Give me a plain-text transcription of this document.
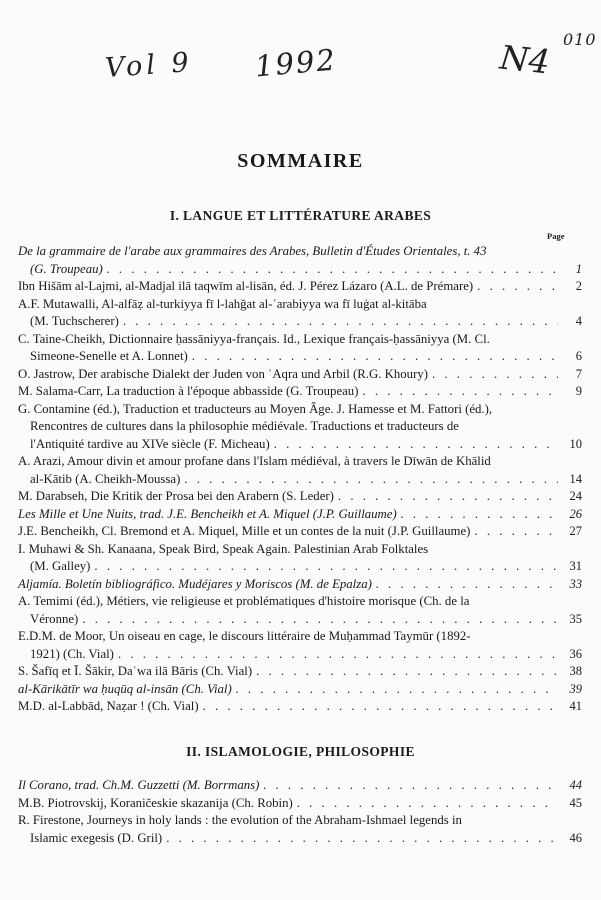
Vol 9 1992	N4 010
SOMMAIRE
I. LANGUE ET LITTÉRATURE ARABES
Page
De la grammaire de l'arabe aux grammaires des Arabes, Bulletin d'Études Orientales, t. 43
(G. Troupeau) . . .	1
Ibn Hišām al-Lajmi, al-Madjal ilā taqwīm al-lisān, éd. J. Pérez Lázaro (A.L. de Prémare) . . .	2
A.F. Mutawalli, Al-alfāẓ al-turkiyya fī l-lahğat al-ʿarabiyya wa fī luġat al-kitāba
(M. Tuchscherer) . . .	4
C. Taine-Cheikh, Dictionnaire ḥassāniyya-français. Id., Lexique français-ḥassāniyya (M. Cl.
Simeone-Senelle et A. Lonnet) . . .	6
O. Jastrow, Der arabische Dialekt der Juden von ʿAqra und Arbil (R.G. Khoury) . . .	7
M. Salama-Carr, La traduction à l'époque abbasside (G. Troupeau) . . .	9
G. Contamine (éd.), Traduction et traducteurs au Moyen Âge. J. Hamesse et M. Fattori (éd.),
Rencontres de cultures dans la philosophie médiévale. Traductions et traducteurs de
l'Antiquité tardive au XIVe siècle (F. Micheau) . . .	10
A. Arazi, Amour divin et amour profane dans l'Islam médiéval, à travers le Dīwān de Khālid
al-Kātib (A. Cheikh-Moussa) . . .	14
M. Darabseh, Die Kritik der Prosa bei den Arabern (S. Leder) . . .	24
Les Mille et Une Nuits, trad. J.E. Bencheikh et A. Miquel (J.P. Guillaume) . . .	26
J.E. Bencheikh, Cl. Bremond et A. Miquel, Mille et un contes de la nuit (J.P. Guillaume) . . .	27
I. Muhawi & Sh. Kanaana, Speak Bird, Speak Again. Palestinian Arab Folktales
(M. Galley) . . .	31
Aljamía. Boletín bibliográfico. Mudéjares y Moriscos (M. de Epalza) . . .	33
A. Temimi (éd.), Métiers, vie religieuse et problématiques d'histoire morisque (Ch. de la
Véronne) . . .	35
E.D.M. de Moor, Un oiseau en cage, le discours littéraire de Muḥammad Taymūr (1892-
1921) (Ch. Vial) . . .	36
S. Šafīq et Ī. Šākir, Daʿwa ilā Bāris (Ch. Vial) . . .	38
al-Kārikātīr wa ḥuqūq al-insān (Ch. Vial) . . .	39
M.D. al-Labbād, Naẓar ! (Ch. Vial) . . .	41
II. ISLAMOLOGIE, PHILOSOPHIE
Il Corano, trad. Ch.M. Guzzetti (M. Borrmans) . . .	44
M.B. Piotrovskij, Koraničeskie skazanija (Ch. Robin) . . .	45
R. Firestone, Journeys in holy lands : the evolution of the Abraham-Ishmael legends in
Islamic exegesis (D. Gril) . . .	46
